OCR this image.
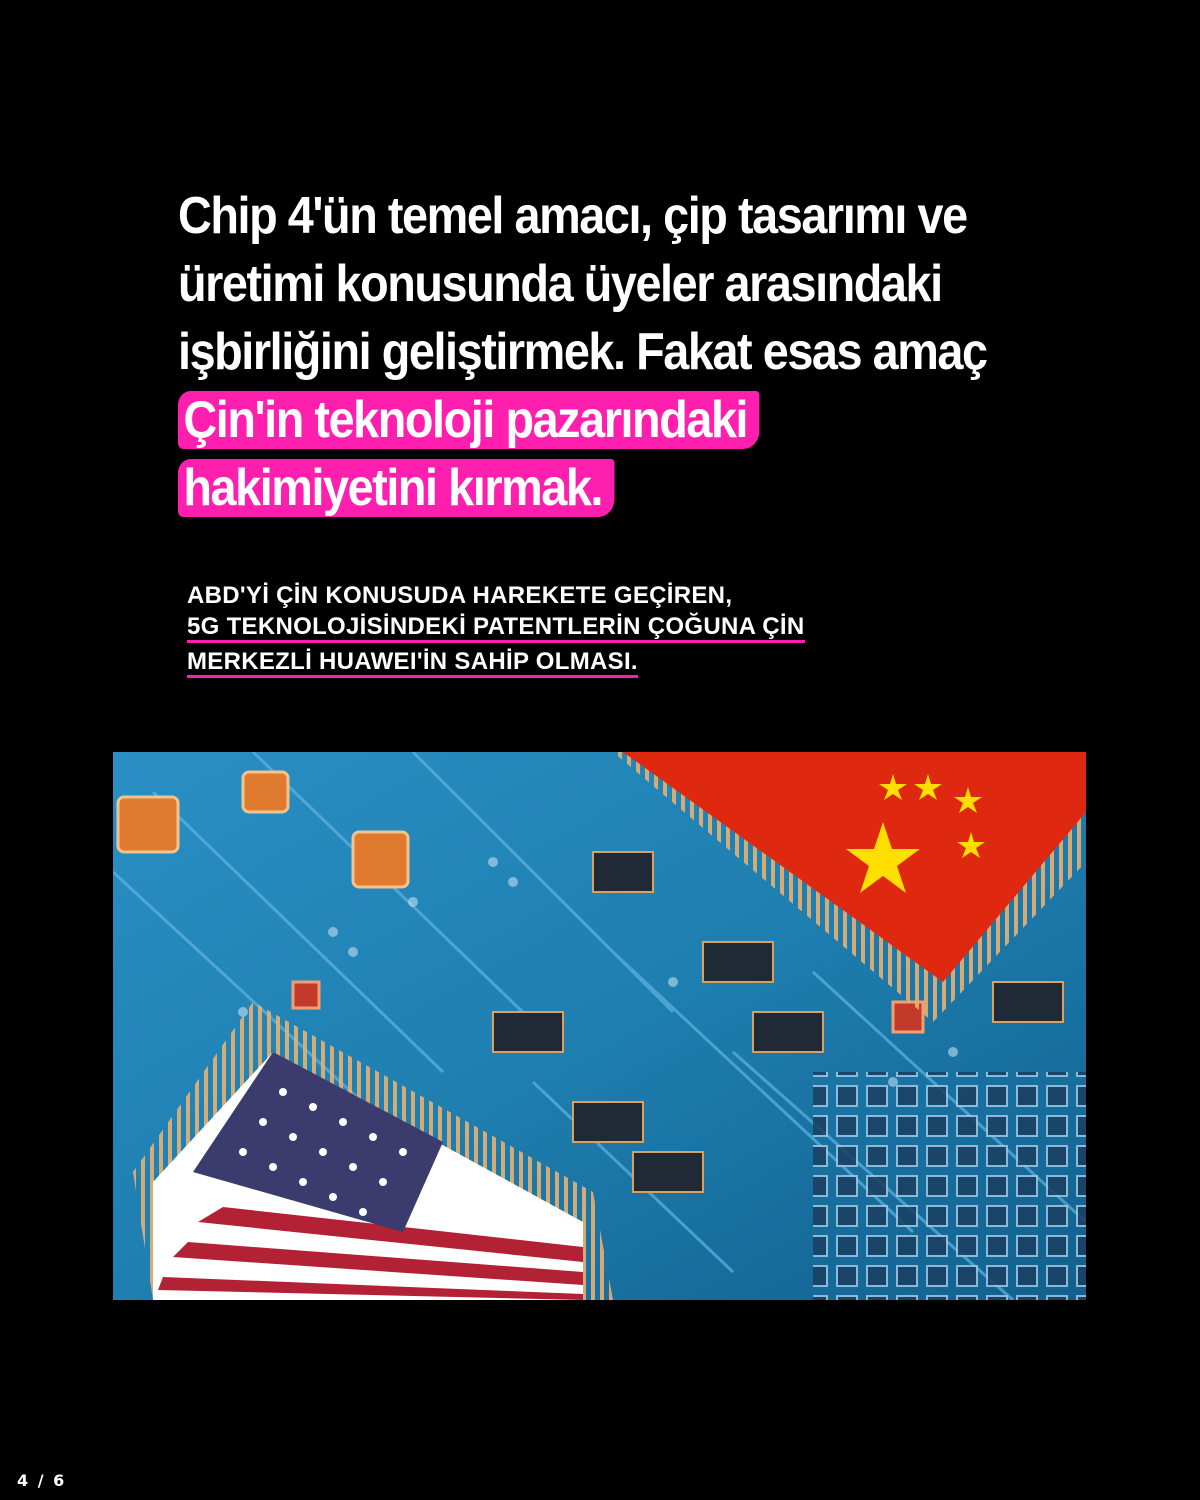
Chip 4'ün temel amacı, çip tasarımı ve üretimi konusunda üyeler arasındaki işbirliğini geliştirmek. Fakat esas amaç Çin'in teknoloji pazarındaki hakimiyetini kırmak.

ABD'Yİ ÇİN KONUSUDA HAREKETE GEÇİREN,
5G TEKNOLOJİSİNDEKİ PATENTLERİN ÇOĞUNA ÇİN
MERKEZLİ HUAWEI'İN SAHİP OLMASI.
4 / 6
